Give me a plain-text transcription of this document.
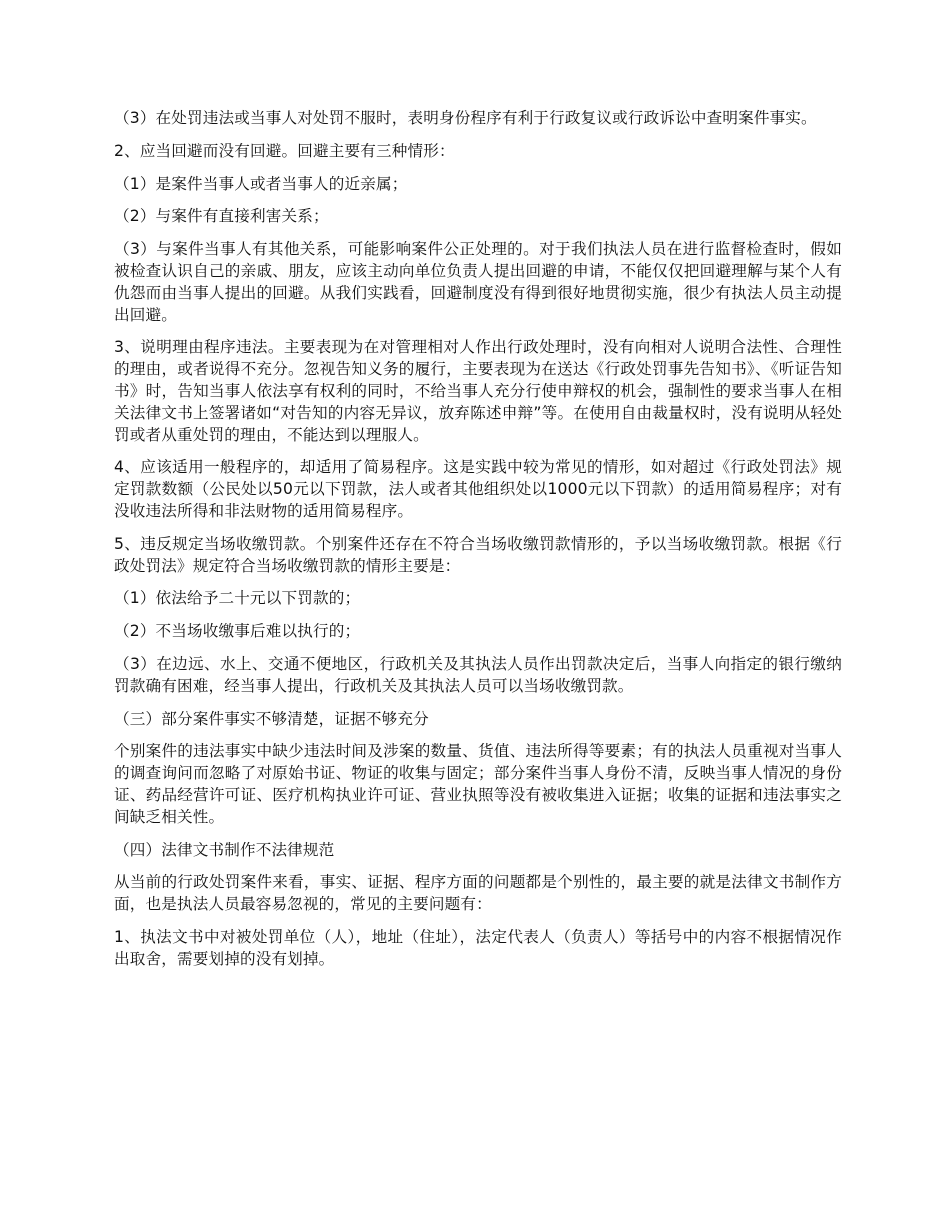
（3）在处罚违法或当事人对处罚不服时，表明身份程序有利于行政复议或行政诉讼中查明案件事实。

2、应当回避而没有回避。回避主要有三种情形：

（1）是案件当事人或者当事人的近亲属；

（2）与案件有直接利害关系；

（3）与案件当事人有其他关系，可能影响案件公正处理的。对于我们执法人员在进行监督检查时，假如被检查认识自己的亲戚、朋友，应该主动向单位负责人提出回避的申请，不能仅仅把回避理解与某个人有仇怨而由当事人提出的回避。从我们实践看，回避制度没有得到很好地贯彻实施，很少有执法人员主动提出回避。

3、说明理由程序违法。主要表现为在对管理相对人作出行政处理时，没有向相对人说明合法性、合理性的理由，或者说得不充分。忽视告知义务的履行，主要表现为在送达《行政处罚事先告知书》、《听证告知书》时，告知当事人依法享有权利的同时，不给当事人充分行使申辩权的机会，强制性的要求当事人在相关法律文书上签署诸如“对告知的内容无异议，放弃陈述申辩”等。在使用自由裁量权时，没有说明从轻处罚或者从重处罚的理由，不能达到以理服人。

4、应该适用一般程序的，却适用了简易程序。这是实践中较为常见的情形，如对超过《行政处罚法》规定罚款数额（公民处以50元以下罚款，法人或者其他组织处以1000元以下罚款）的适用简易程序；对有没收违法所得和非法财物的适用简易程序。

5、违反规定当场收缴罚款。个别案件还存在不符合当场收缴罚款情形的，予以当场收缴罚款。根据《行政处罚法》规定符合当场收缴罚款的情形主要是：

（1）依法给予二十元以下罚款的；

（2）不当场收缴事后难以执行的；

（3）在边远、水上、交通不便地区，行政机关及其执法人员作出罚款决定后，当事人向指定的银行缴纳罚款确有困难，经当事人提出，行政机关及其执法人员可以当场收缴罚款。

（三）部分案件事实不够清楚，证据不够充分

个别案件的违法事实中缺少违法时间及涉案的数量、货值、违法所得等要素；有的执法人员重视对当事人的调查询问而忽略了对原始书证、物证的收集与固定；部分案件当事人身份不清，反映当事人情况的身份证、药品经营许可证、医疗机构执业许可证、营业执照等没有被收集进入证据；收集的证据和违法事实之间缺乏相关性。

（四）法律文书制作不法律规范

从当前的行政处罚案件来看，事实、证据、程序方面的问题都是个别性的，最主要的就是法律文书制作方面，也是执法人员最容易忽视的，常见的主要问题有：

1、执法文书中对被处罚单位（人），地址（住址），法定代表人（负责人）等括号中的内容不根据情况作出取舍，需要划掉的没有划掉。
